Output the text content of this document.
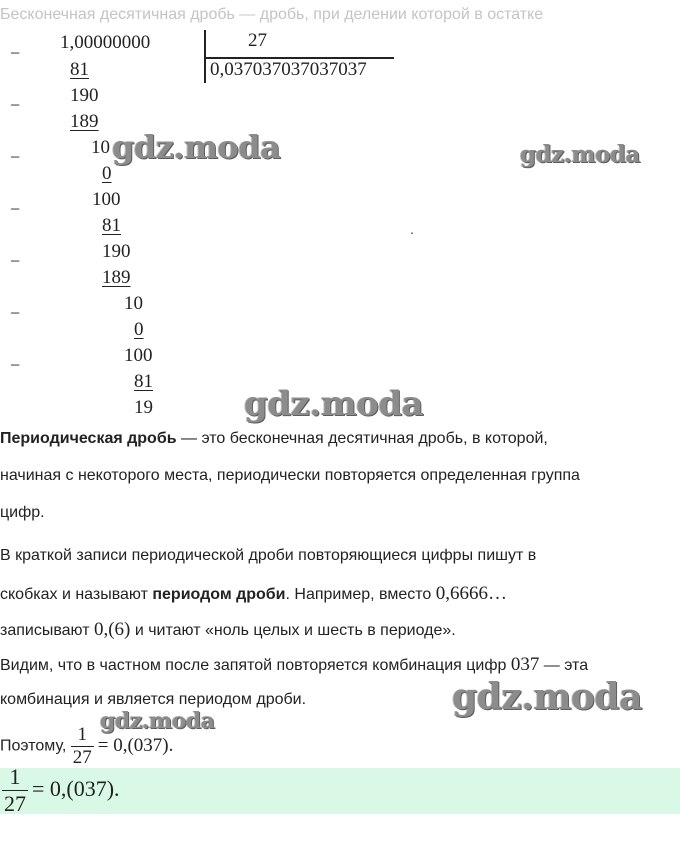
Бесконечная десятичная дробь — дробь, при делении которой в остатке
−
−
−
−
−
−
−
1,00000000	27
0,037037037037037
81
190
189
10
0
100
81
190
189
10
0
100
81
19
.
gdz.moda	gdz.moda
gdz.moda
gdz.moda
gdz.moda
Периодическая дробь — это бесконечная десятичная дробь, в которой,
начиная с некоторого места, периодически повторяется определенная группа
цифр.
В краткой записи периодической дроби повторяющиеся цифры пишут в
скобках и называют периодом дроби. Например, вместо 0,6666…
записывают 0,(6) и читают «ноль целых и шесть в периоде».
Видим, что в частном после запятой повторяется комбинация цифр 037 — эта
комбинация и является периодом дроби.
Поэтому, $\frac{1}{27} = 0,(037)$.
$\frac{1}{27} = 0,(037)$.
